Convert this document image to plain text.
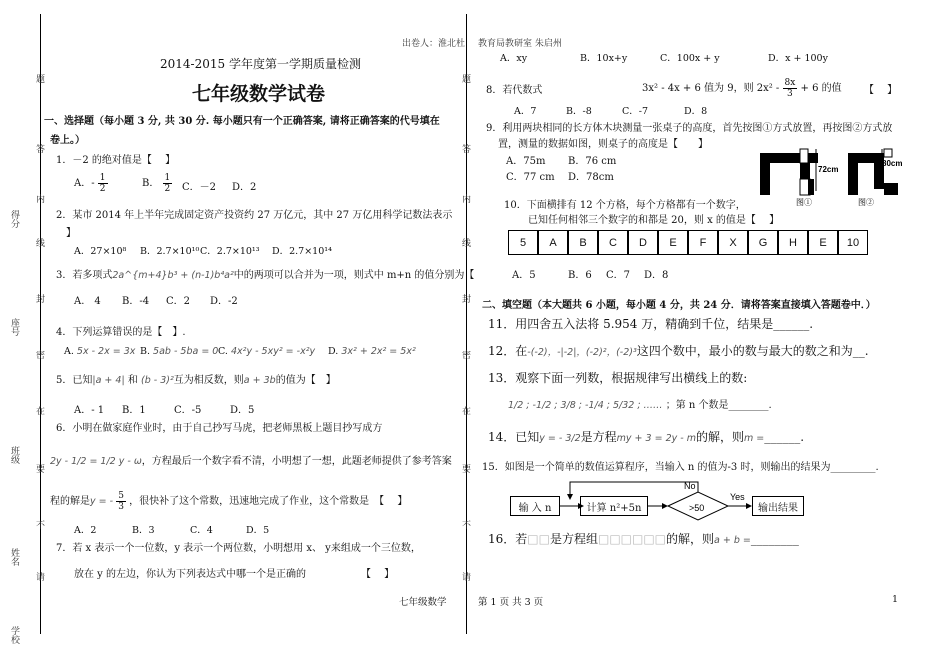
题
答
内
线
封
密
在
要
不
请
得分
座号
班级
姓名
学校
题
答
内
线
封
密
在
要
不
请
出卷人：淮北杜 教育局教研室 朱启州
2014-2015 学年度第一学期质量检测
七年级数学试卷
一、选择题（每小题 3 分, 共 30 分. 每小题只有一个正确答案, 请将正确答案的代号填在
卷上。）
1．－2 的绝对值是【　 】
A．- $\frac{1}{2}$	B． $\frac{1}{2}$ C．－2 D．2
2．某市 2014 年上半年完成固定资产投资约 27 万亿元，其中 27 万亿用科学记数法表示
】
A．27×10⁸ B．2.7×10¹⁰ C．2.7×10¹³ D．2.7×10¹⁴
3．若多项式2a^{m+4}b³ + (n-1)b⁴a²中的两项可以合并为一项，则式中 m+n 的值分别为【
A.　4 B．-4 C．2 D．-2
4．下列运算错误的是【　】.
A. 5x - 2x = 3x B. 5ab - 5ba = 0 C. 4x²y - 5xy² = -x²y D. 3x² + 2x² = 5x²
5．已知|a + 4| 和 (b - 3)²互为相反数，则a + 3b的值为【　】
A．- 1 B．1	C．-5	D．5
6．小明在做家庭作业时，由于自己抄写马虎，把老师黑板上题目抄写成方
2y - 1/2 = 1/2 y - ω，方程最后一个数字看不清，小明想了一想，此题老师提供了参考答案
程的解是y = - $\frac{5}{3}$ ，很快补了这个常数，迅速地完成了作业，这个常数是　【　 】
A．2	B．3	C．4	D．5
7．若 x 表示一个一位数，y 表示一个两位数，小明想用 x、 y来组成一个三位数，
放在 y 的左边，你认为下列表达式中哪一个是正确的　　　　　　【　 】
七年级数学
A．xy	B．10x+y	C．100x + y	D．x + 100y
8．若代数式	3x² - 4x + 6 值为 9，则 $2x^2 - \frac{8x}{3} + 6$ 的值 【　 】
A．7	B．-8	C．-7	D．8
9．利用两块相同的长方体木块测量一张桌子的高度，首先按图①方式放置，再按图②方式放
置，测量的数据如图，则桌子的高度是【　　】
A．75m B．76 cm
C．77 cm D．78cm
图①
72cm
图②
80cm
10．下面横排有 12 个方格，每个方格都有一个数字，
已知任何相邻三个数字的和都是 20，则 x 的值是【　 】
5	A	B	C	D	E	F	X	G	H	E	10
A．5	B．6 C．7 D．8
二、填空题（本大题共 6 小题，每小题 4 分，共 24 分．请将答案直接填入答题卷中．）
11．用四舍五入法将 5.954 万，精确到千位，结果是______.
12．在-(-2)，-|-2|，(-2)²，(-2)³这四个数中，最小的数与最大的数之和为__.
13．观察下面一列数，根据规律写出横线上的数:
1/2 ; -1/2 ; 3/8 ; -1/4 ; 5/32 ; …… ；第 n 个数是________.
14．已知y = - 3/2是方程my + 3 = 2y - m的解，则m =______.
15．如图是一个简单的数值运算程序，当输入 n 的值为-3 时，则输出的结果为_________.
输 入 n	计算 n²+5n	>50
No
Yes
输出结果
16．若□□是方程组□□□□□□的解，则a + b =________
第 1 页 共 3 页	1
